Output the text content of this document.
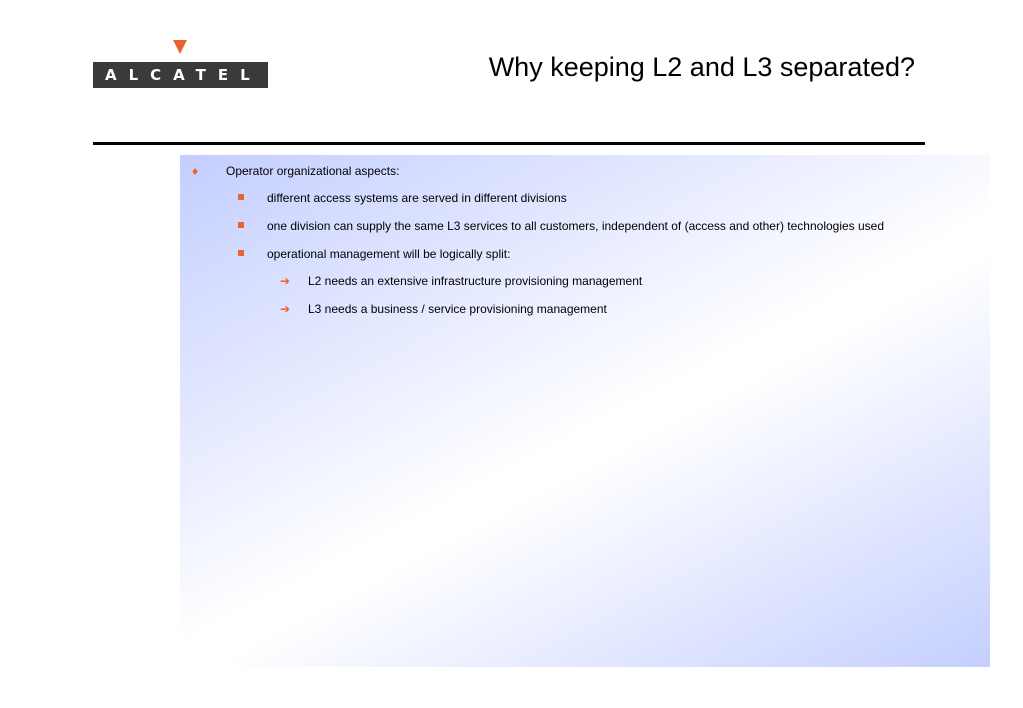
ALCATEL	Why keeping L2 and L3 separated?
♦ Operator organizational aspects:
different access systems are served in different divisions
one division can supply the same L3 services to all customers, independent of (access and other) technologies used
operational management will be logically split:
➔ L2 needs an extensive infrastructure provisioning management
➔ L3 needs a business / service provisioning management
